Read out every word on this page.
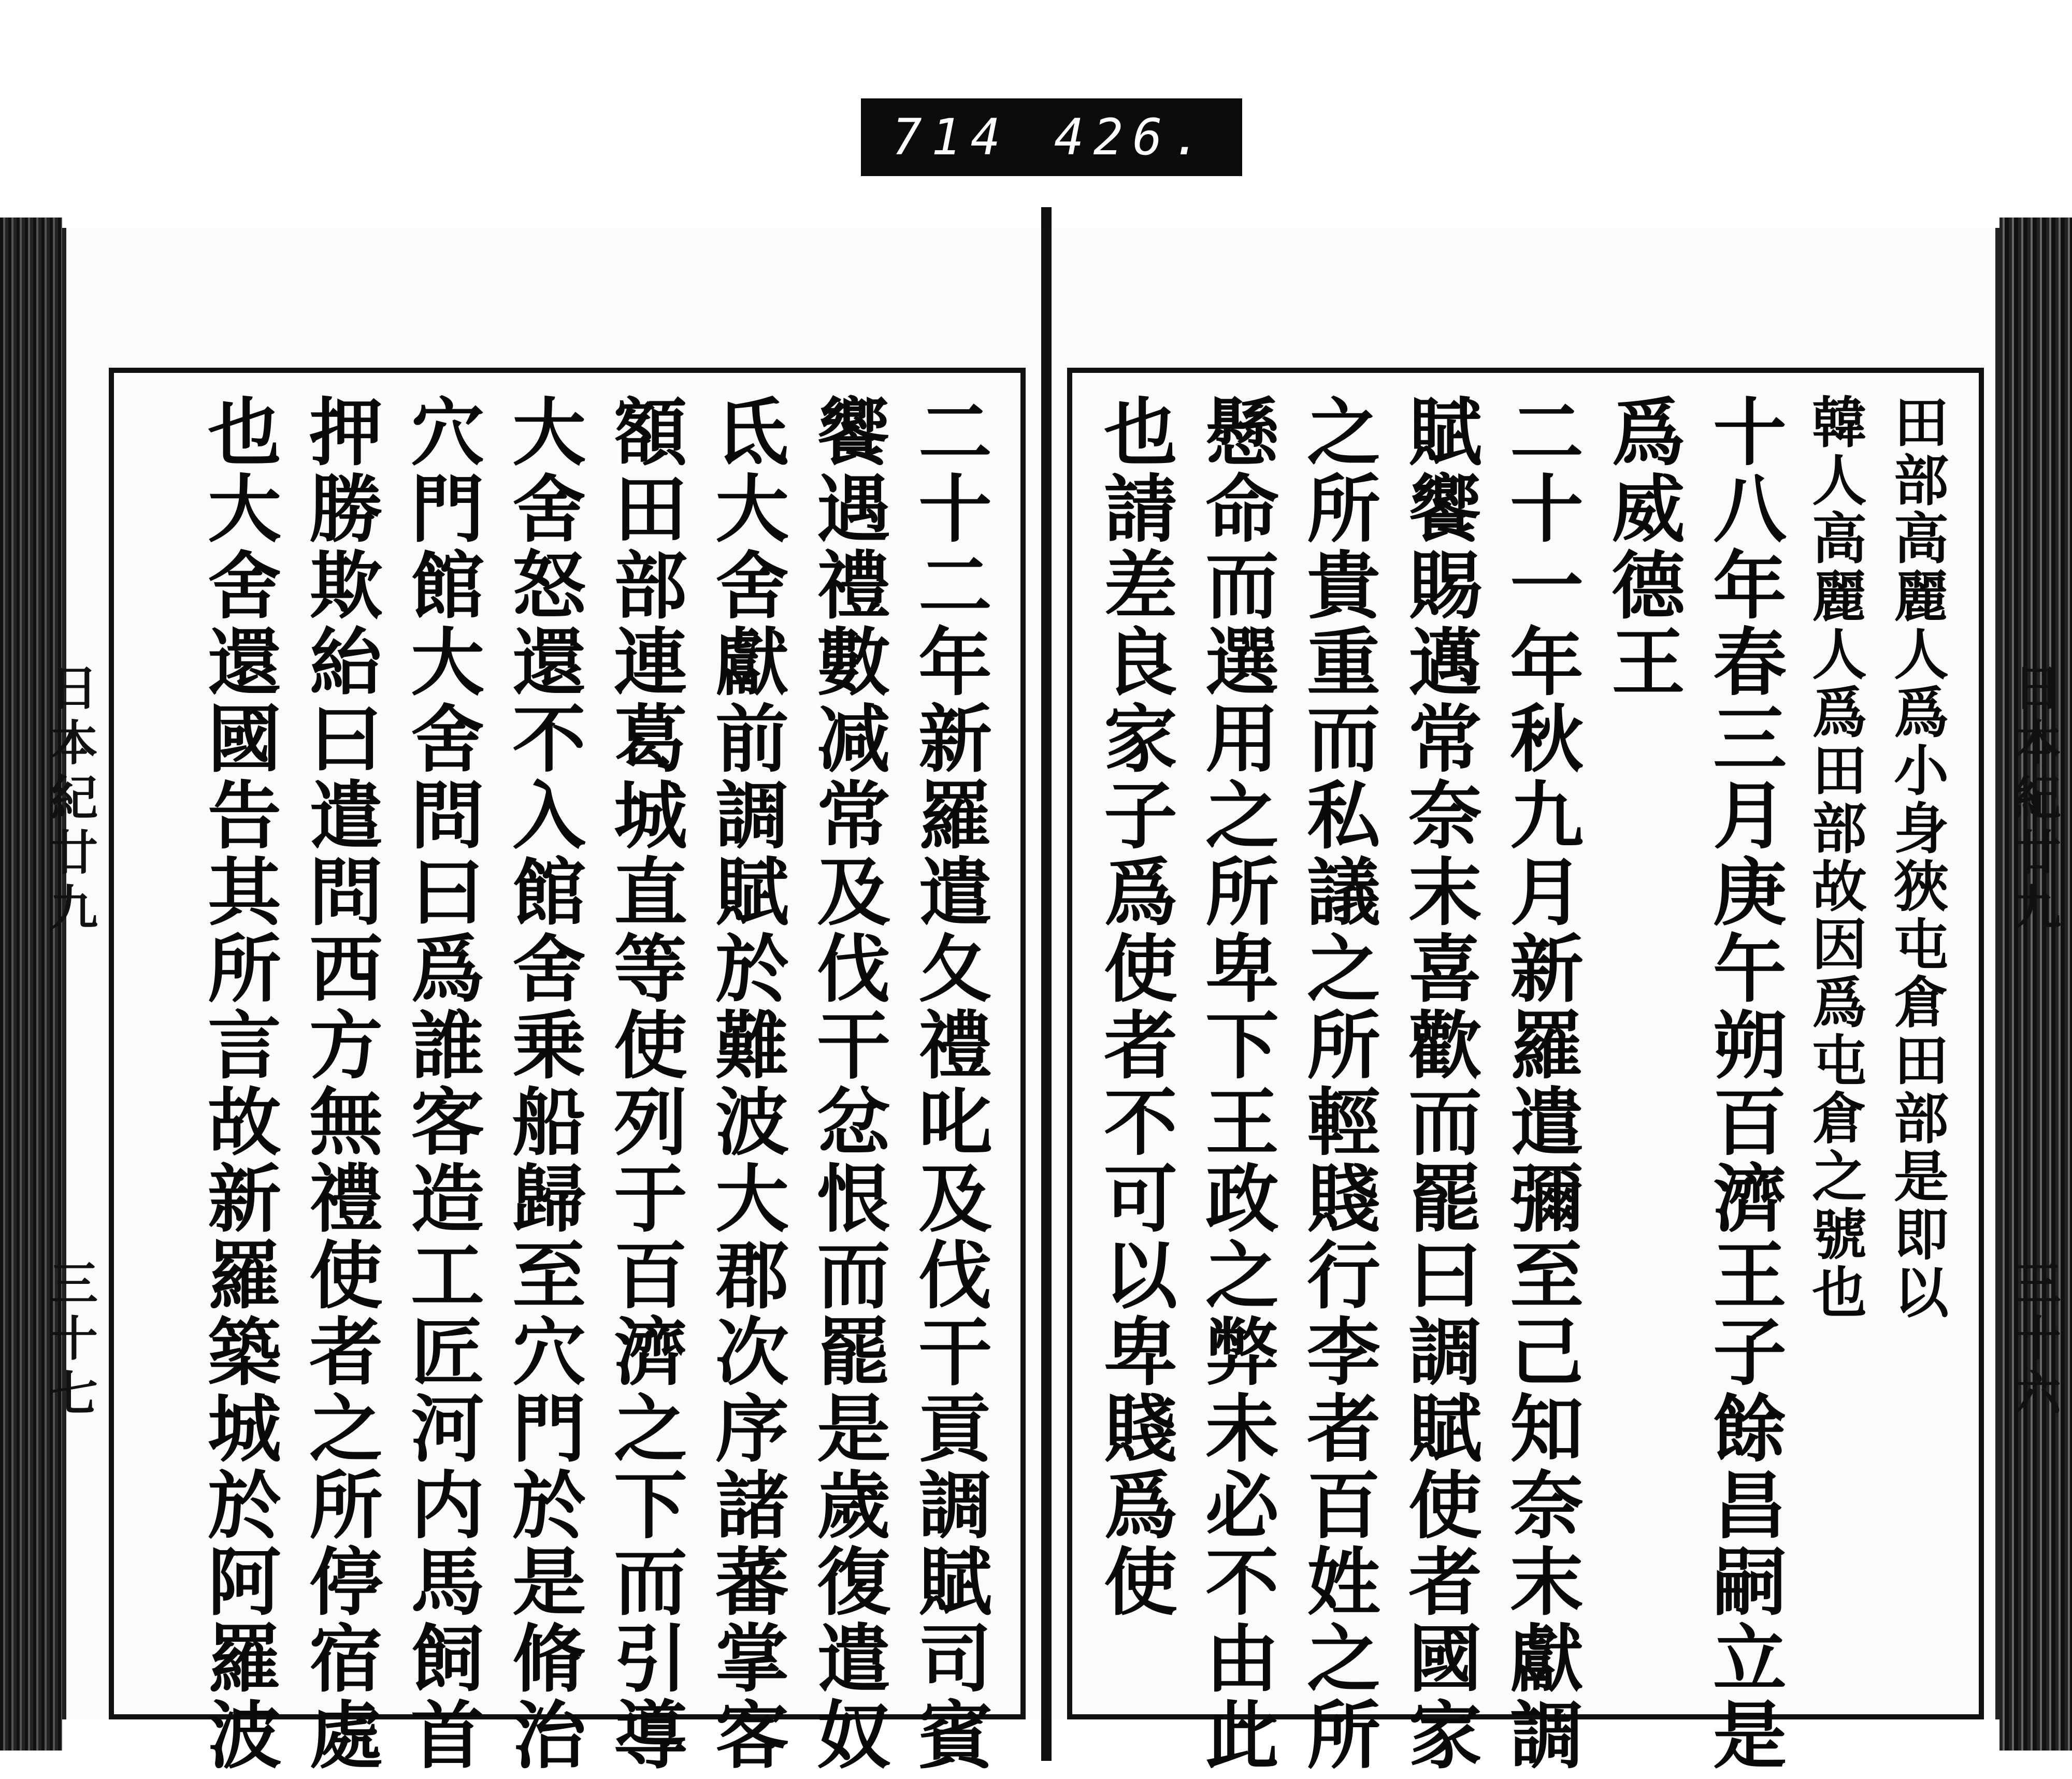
714 426.
日本紀廿九
三十七	二十二年新羅遣夂禮叱及伐干貢調賦司賓
饗遇禮數减常及伐干忿恨而罷是歲復遣奴
氐大舍獻前調賦於難波大郡次序諸蕃掌客
額田部連葛城直等使列于百濟之下而引導
大舍怒還不入館舍乗船歸至穴門於是脩治
穴門館大舍問曰爲誰客造工匠河内馬飼首
押勝欺紿曰遣問西方無禮使者之所停宿處
也大舍還國告其所言故新羅築城於阿羅波	田部高麗人爲小身狹屯倉田部是即以
韓人高麗人爲田部故因爲屯倉之號也
十八年春三月庚午朔百濟王子餘昌嗣立是
爲威德王
二十一年秋九月新羅遣彌至己知奈末獻調
賦饗賜邁常奈末喜歡而罷曰調賦使者國家
之所貴重而私議之所輕賤行李者百姓之所
懸命而選用之所卑下王政之弊未必不由此
也請差良家子爲使者不可以卑賤爲使	日本紀廿九
三十六
